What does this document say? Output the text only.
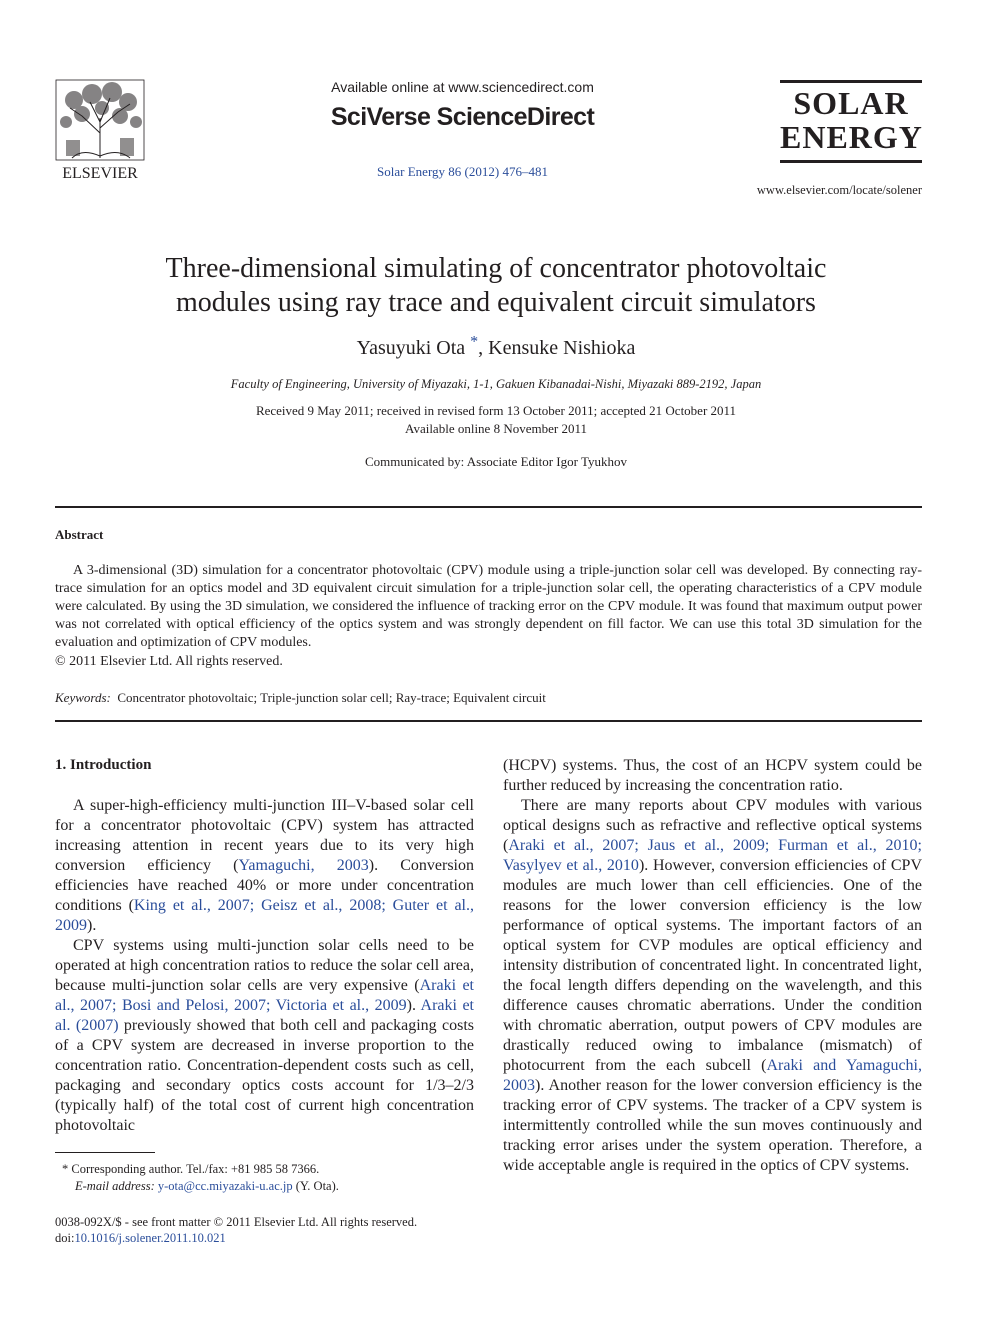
ELSEVIER
Available online at www.sciencedirect.com
SciVerse ScienceDirect
Solar Energy 86 (2012) 476–481
SOLAR
ENERGY
www.elsevier.com/locate/solener
Three-dimensional simulating of concentrator photovoltaic
modules using ray trace and equivalent circuit simulators
Yasuyuki Ota *, Kensuke Nishioka
Faculty of Engineering, University of Miyazaki, 1-1, Gakuen Kibanadai-Nishi, Miyazaki 889-2192, Japan
Received 9 May 2011; received in revised form 13 October 2011; accepted 21 October 2011
Available online 8 November 2011
Communicated by: Associate Editor Igor Tyukhov
Abstract
A 3-dimensional (3D) simulation for a concentrator photovoltaic (CPV) module using a triple-junction solar cell was developed. By connecting ray-trace simulation for an optics model and 3D equivalent circuit simulation for a triple-junction solar cell, the operating characteristics of a CPV module were calculated. By using the 3D simulation, we considered the influence of tracking error on the CPV module. It was found that maximum output power was not correlated with optical efficiency of the optics system and was strongly dependent on fill factor. We can use this total 3D simulation for the evaluation and optimization of CPV modules.
© 2011 Elsevier Ltd. All rights reserved.
Keywords: Concentrator photovoltaic; Triple-junction solar cell; Ray-trace; Equivalent circuit
1. Introduction

A super-high-efficiency multi-junction III–V-based solar cell for a concentrator photovoltaic (CPV) system has attracted increasing attention in recent years due to its very high conversion efficiency (Yamaguchi, 2003). Conversion efficiencies have reached 40% or more under concentration conditions (King et al., 2007; Geisz et al., 2008; Guter et al., 2009).

CPV systems using multi-junction solar cells need to be operated at high concentration ratios to reduce the solar cell area, because multi-junction solar cells are very expensive (Araki et al., 2007; Bosi and Pelosi, 2007; Victoria et al., 2009). Araki et al. (2007) previously showed that both cell and packaging costs of a CPV system are decreased in inverse proportion to the concentration ratio. Concentration-dependent costs such as cell, packaging and secondary optics costs account for 1/3–2/3 (typically half) of the total cost of current high concentration photovoltaic

(HCPV) systems. Thus, the cost of an HCPV system could be further reduced by increasing the concentration ratio.

There are many reports about CPV modules with various optical designs such as refractive and reflective optical systems (Araki et al., 2007; Jaus et al., 2009; Furman et al., 2010; Vasylyev et al., 2010). However, conversion efficiencies of CPV modules are much lower than cell efficiencies. One of the reasons for the lower conversion efficiency is the low performance of optical systems. The important factors of an optical system for CVP modules are optical efficiency and intensity distribution of concentrated light. In concentrated light, the focal length differs depending on the wavelength, and this difference causes chromatic aberrations. Under the condition with chromatic aberration, output powers of CPV modules are drastically reduced owing to imbalance (mismatch) of photocurrent from the each subcell (Araki and Yamaguchi, 2003). Another reason for the lower conversion efficiency is the tracking error of CPV systems. The tracker of a CPV system is intermittently controlled while the sun moves continuously and tracking error arises under the system operation. Therefore, a wide acceptable angle is required in the optics of CPV systems.

* Corresponding author. Tel./fax: +81 985 58 7366.
E-mail address: y-ota@cc.miyazaki-u.ac.jp (Y. Ota).
0038-092X/$ - see front matter © 2011 Elsevier Ltd. All rights reserved.
doi:10.1016/j.solener.2011.10.021
